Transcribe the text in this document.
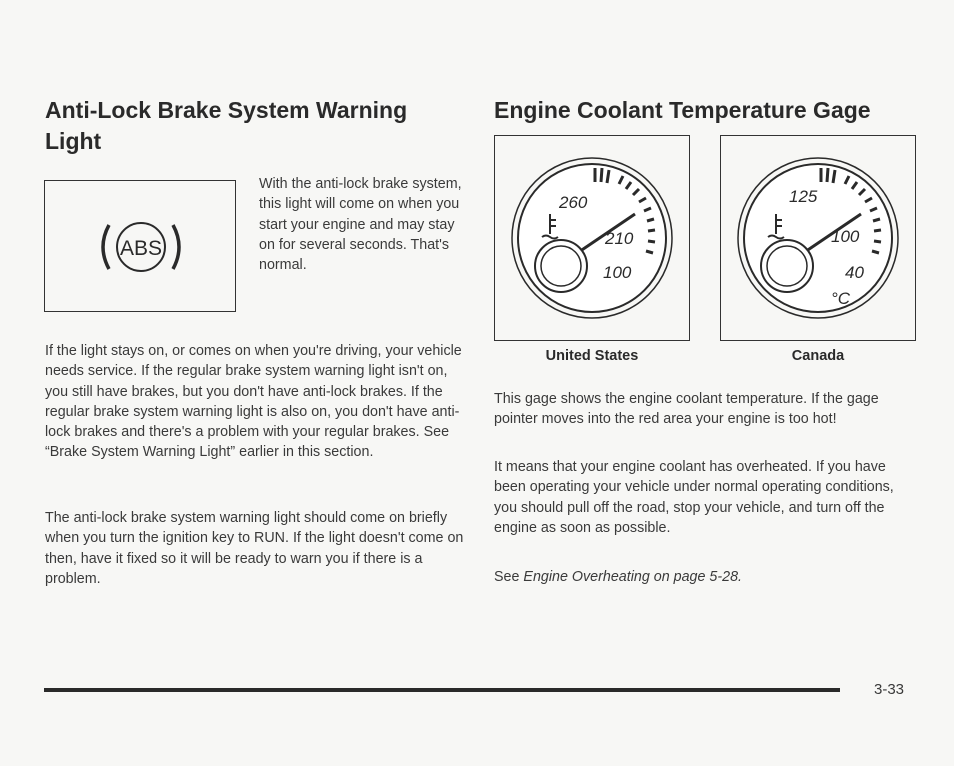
Anti-Lock Brake System Warning Light
ABS

With the anti-lock brake system, this light will come on when you start your engine and may stay on for several seconds. That's normal.

If the light stays on, or comes on when you're driving, your vehicle needs service. If the regular brake system warning light isn't on, you still have brakes, but you don't have anti-lock brakes. If the regular brake system warning light is also on, you don't have anti-lock brakes and there's a problem with your regular brakes. See “Brake System Warning Light” earlier in this section.

The anti-lock brake system warning light should come on briefly when you turn the ignition key to RUN. If the light doesn't come on then, have it fixed so it will be ready to warn you if there is a problem.

Engine Coolant Temperature Gage
260
210
100
125
100
40
°C
United States	Canada

This gage shows the engine coolant temperature. If the gage pointer moves into the red area your engine is too hot!

It means that your engine coolant has overheated. If you have been operating your vehicle under normal operating conditions, you should pull off the road, stop your vehicle, and turn off the engine as soon as possible.

See Engine Overheating on page 5-28.

3-33
